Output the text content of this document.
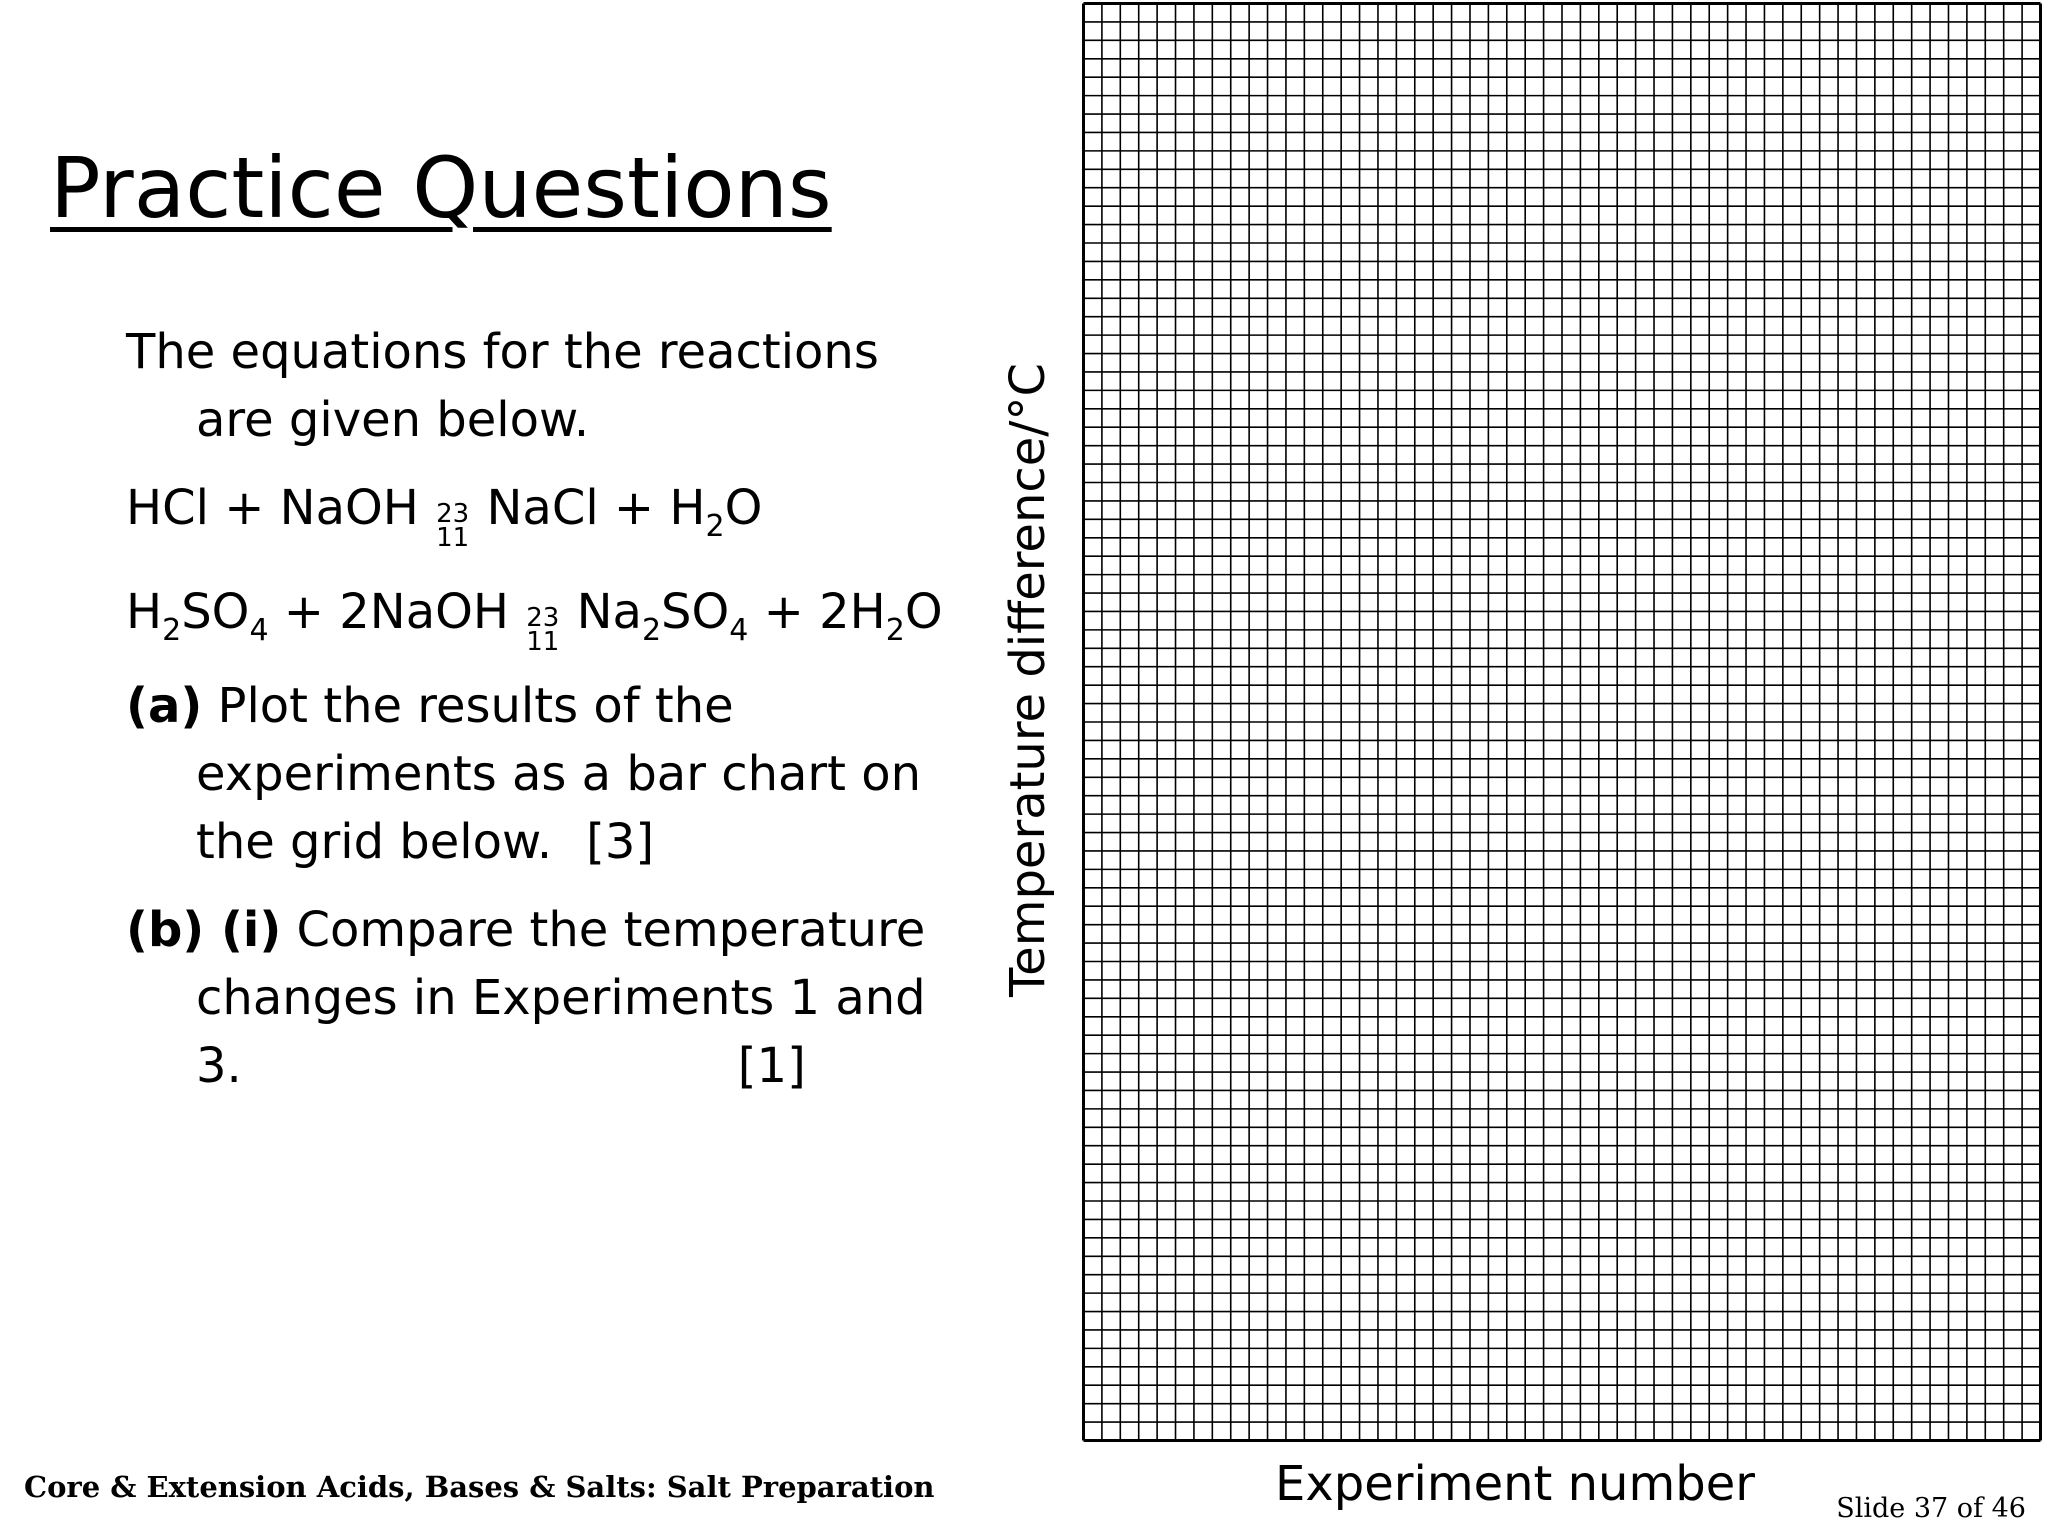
Practice Questions

The equations for the reactions are given below.

HCl + NaOH 23
11
NaCl + $H_2O$

$H_2SO_4$ + 2NaOH 23
11
$Na_2SO_4 + 2H_2O$

(a) Plot the results of the experiments as a bar chart on the grid below. [3]

(b) (i) Compare the temperature changes in Experiments 1 and 3.	[1]

Temperature difference/°C
Experiment number
Core & Extension Acids, Bases & Salts: Salt Preparation
Slide 37 of 46
